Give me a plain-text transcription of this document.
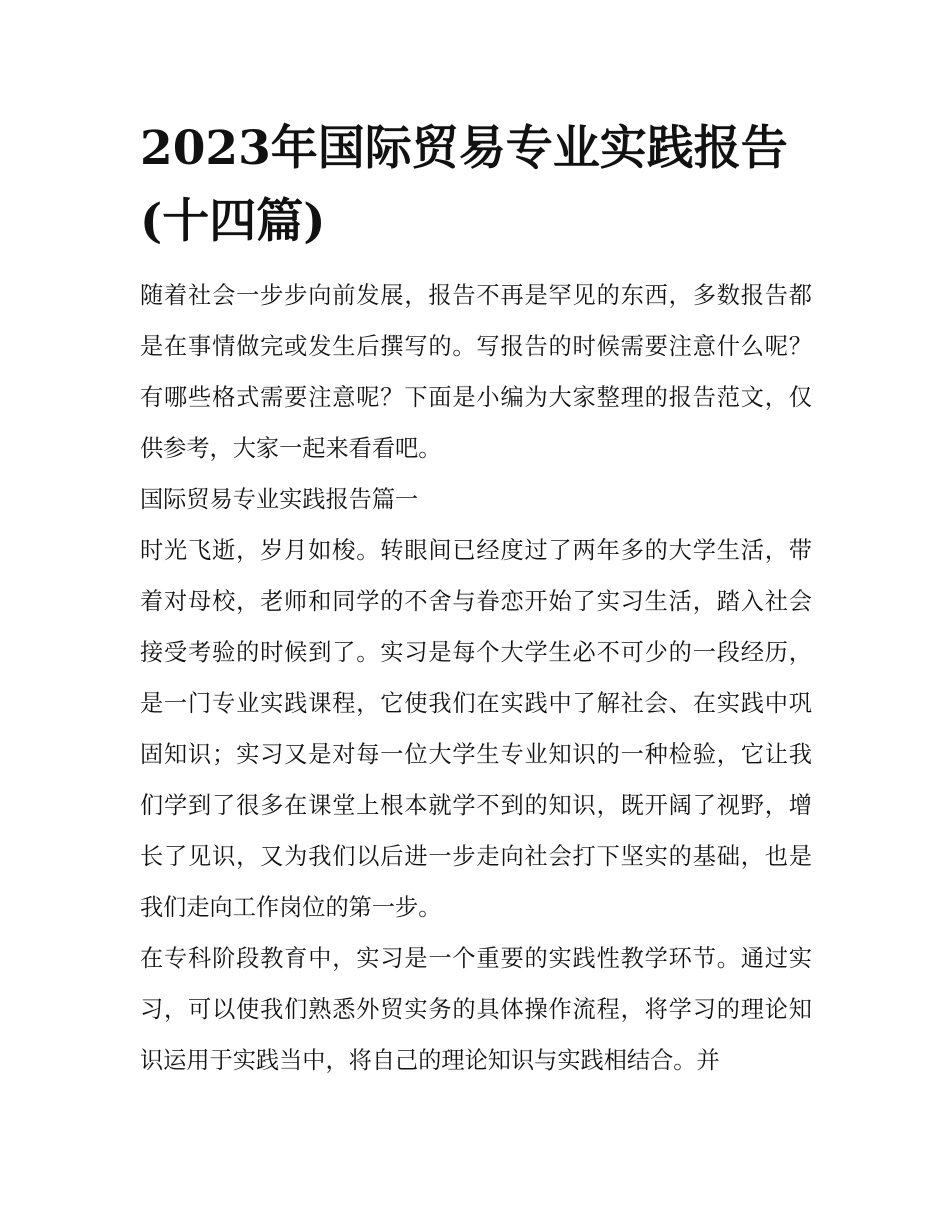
2023年国际贸易专业实践报告(十四篇)

随着社会一步步向前发展，报告不再是罕见的东西，多数报告都是在事情做完或发生后撰写的。写报告的时候需要注意什么呢？有哪些格式需要注意呢？下面是小编为大家整理的报告范文，仅供参考，大家一起来看看吧。

国际贸易专业实践报告篇一

时光飞逝，岁月如梭。转眼间已经度过了两年多的大学生活，带着对母校，老师和同学的不舍与眷恋开始了实习生活，踏入社会接受考验的时候到了。实习是每个大学生必不可少的一段经历，是一门专业实践课程，它使我们在实践中了解社会、在实践中巩固知识；实习又是对每一位大学生专业知识的一种检验，它让我们学到了很多在课堂上根本就学不到的知识，既开阔了视野，增长了见识，又为我们以后进一步走向社会打下坚实的基础，也是我们走向工作岗位的第一步。

在专科阶段教育中，实习是一个重要的实践性教学环节。通过实习，可以使我们熟悉外贸实务的具体操作流程，将学习的理论知识运用于实践当中，将自己的理论知识与实践相结合。并
